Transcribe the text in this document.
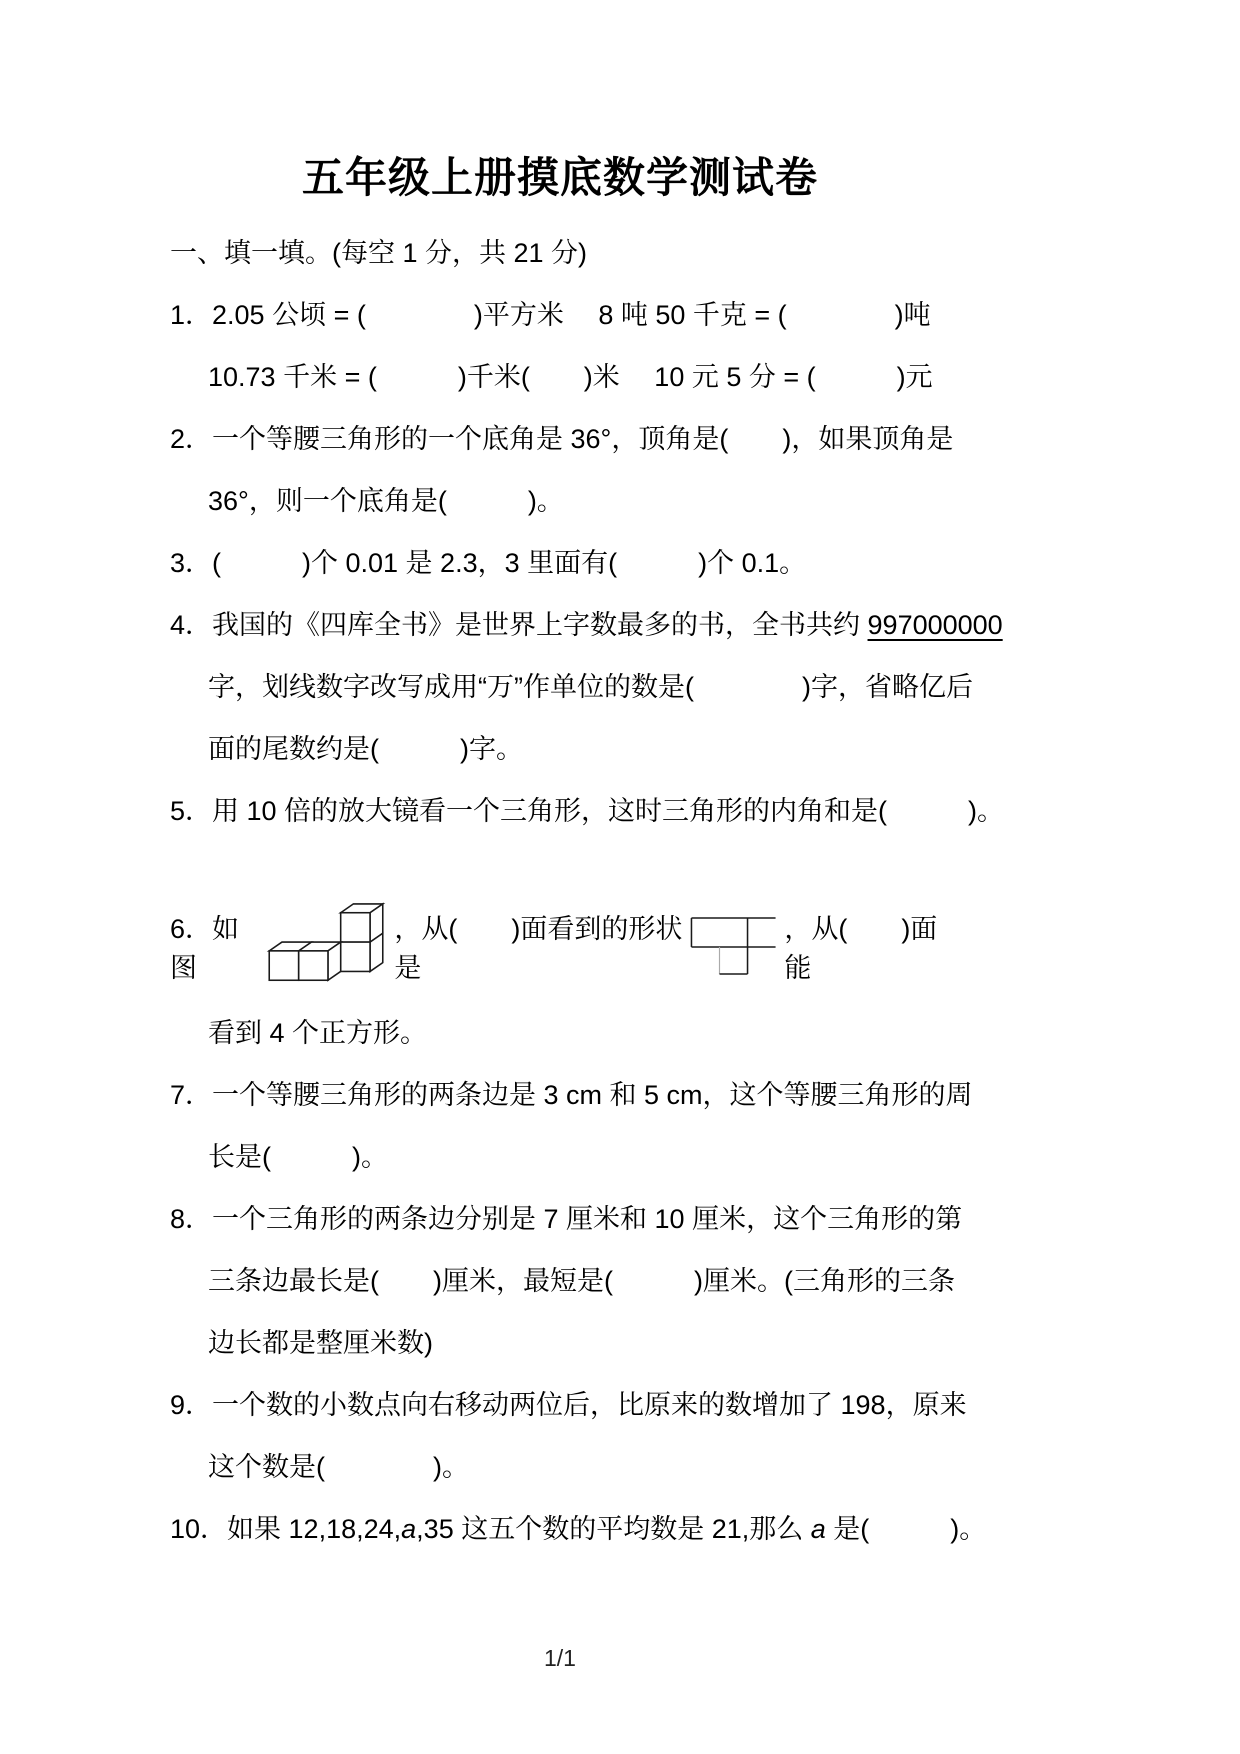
五年级上册摸底数学测试卷
一、填一填。(每空 1 分，共 21 分)
1．2.05 公顷 = (　　　　)平方米　 8 吨 50 千克 = (　　　　)吨
10.73 千米 = (　　　)千米(　　)米　 10 元 5 分 = (　　　)元
2．一个等腰三角形的一个底角是 36°，顶角是(　　)，如果顶角是
36°，则一个底角是(　　　)。
3．(　　　)个 0.01 是 2.3，3 里面有(　　　)个 0.1。
4．我国的《四库全书》是世界上字数最多的书，全书共约 997000000
字，划线数字改写成用“万”作单位的数是(　　　　)字，省略亿后
面的尾数约是(　　　)字。
5．用 10 倍的放大镜看一个三角形，这时三角形的内角和是(　　　)。
6．如图
，从(　　)面看到的形状是
，从(　　)面能
看到 4 个正方形。
7．一个等腰三角形的两条边是 3 cm 和 5 cm，这个等腰三角形的周
长是(　　　)。
8．一个三角形的两条边分别是 7 厘米和 10 厘米，这个三角形的第
三条边最长是(　　)厘米，最短是(　　　)厘米。(三角形的三条
边长都是整厘米数)
9．一个数的小数点向右移动两位后，比原来的数增加了 198，原来
这个数是(　　　　)。
10．如果 12,18,24,a,35 这五个数的平均数是 21,那么 a 是(　　　)。
1/1
